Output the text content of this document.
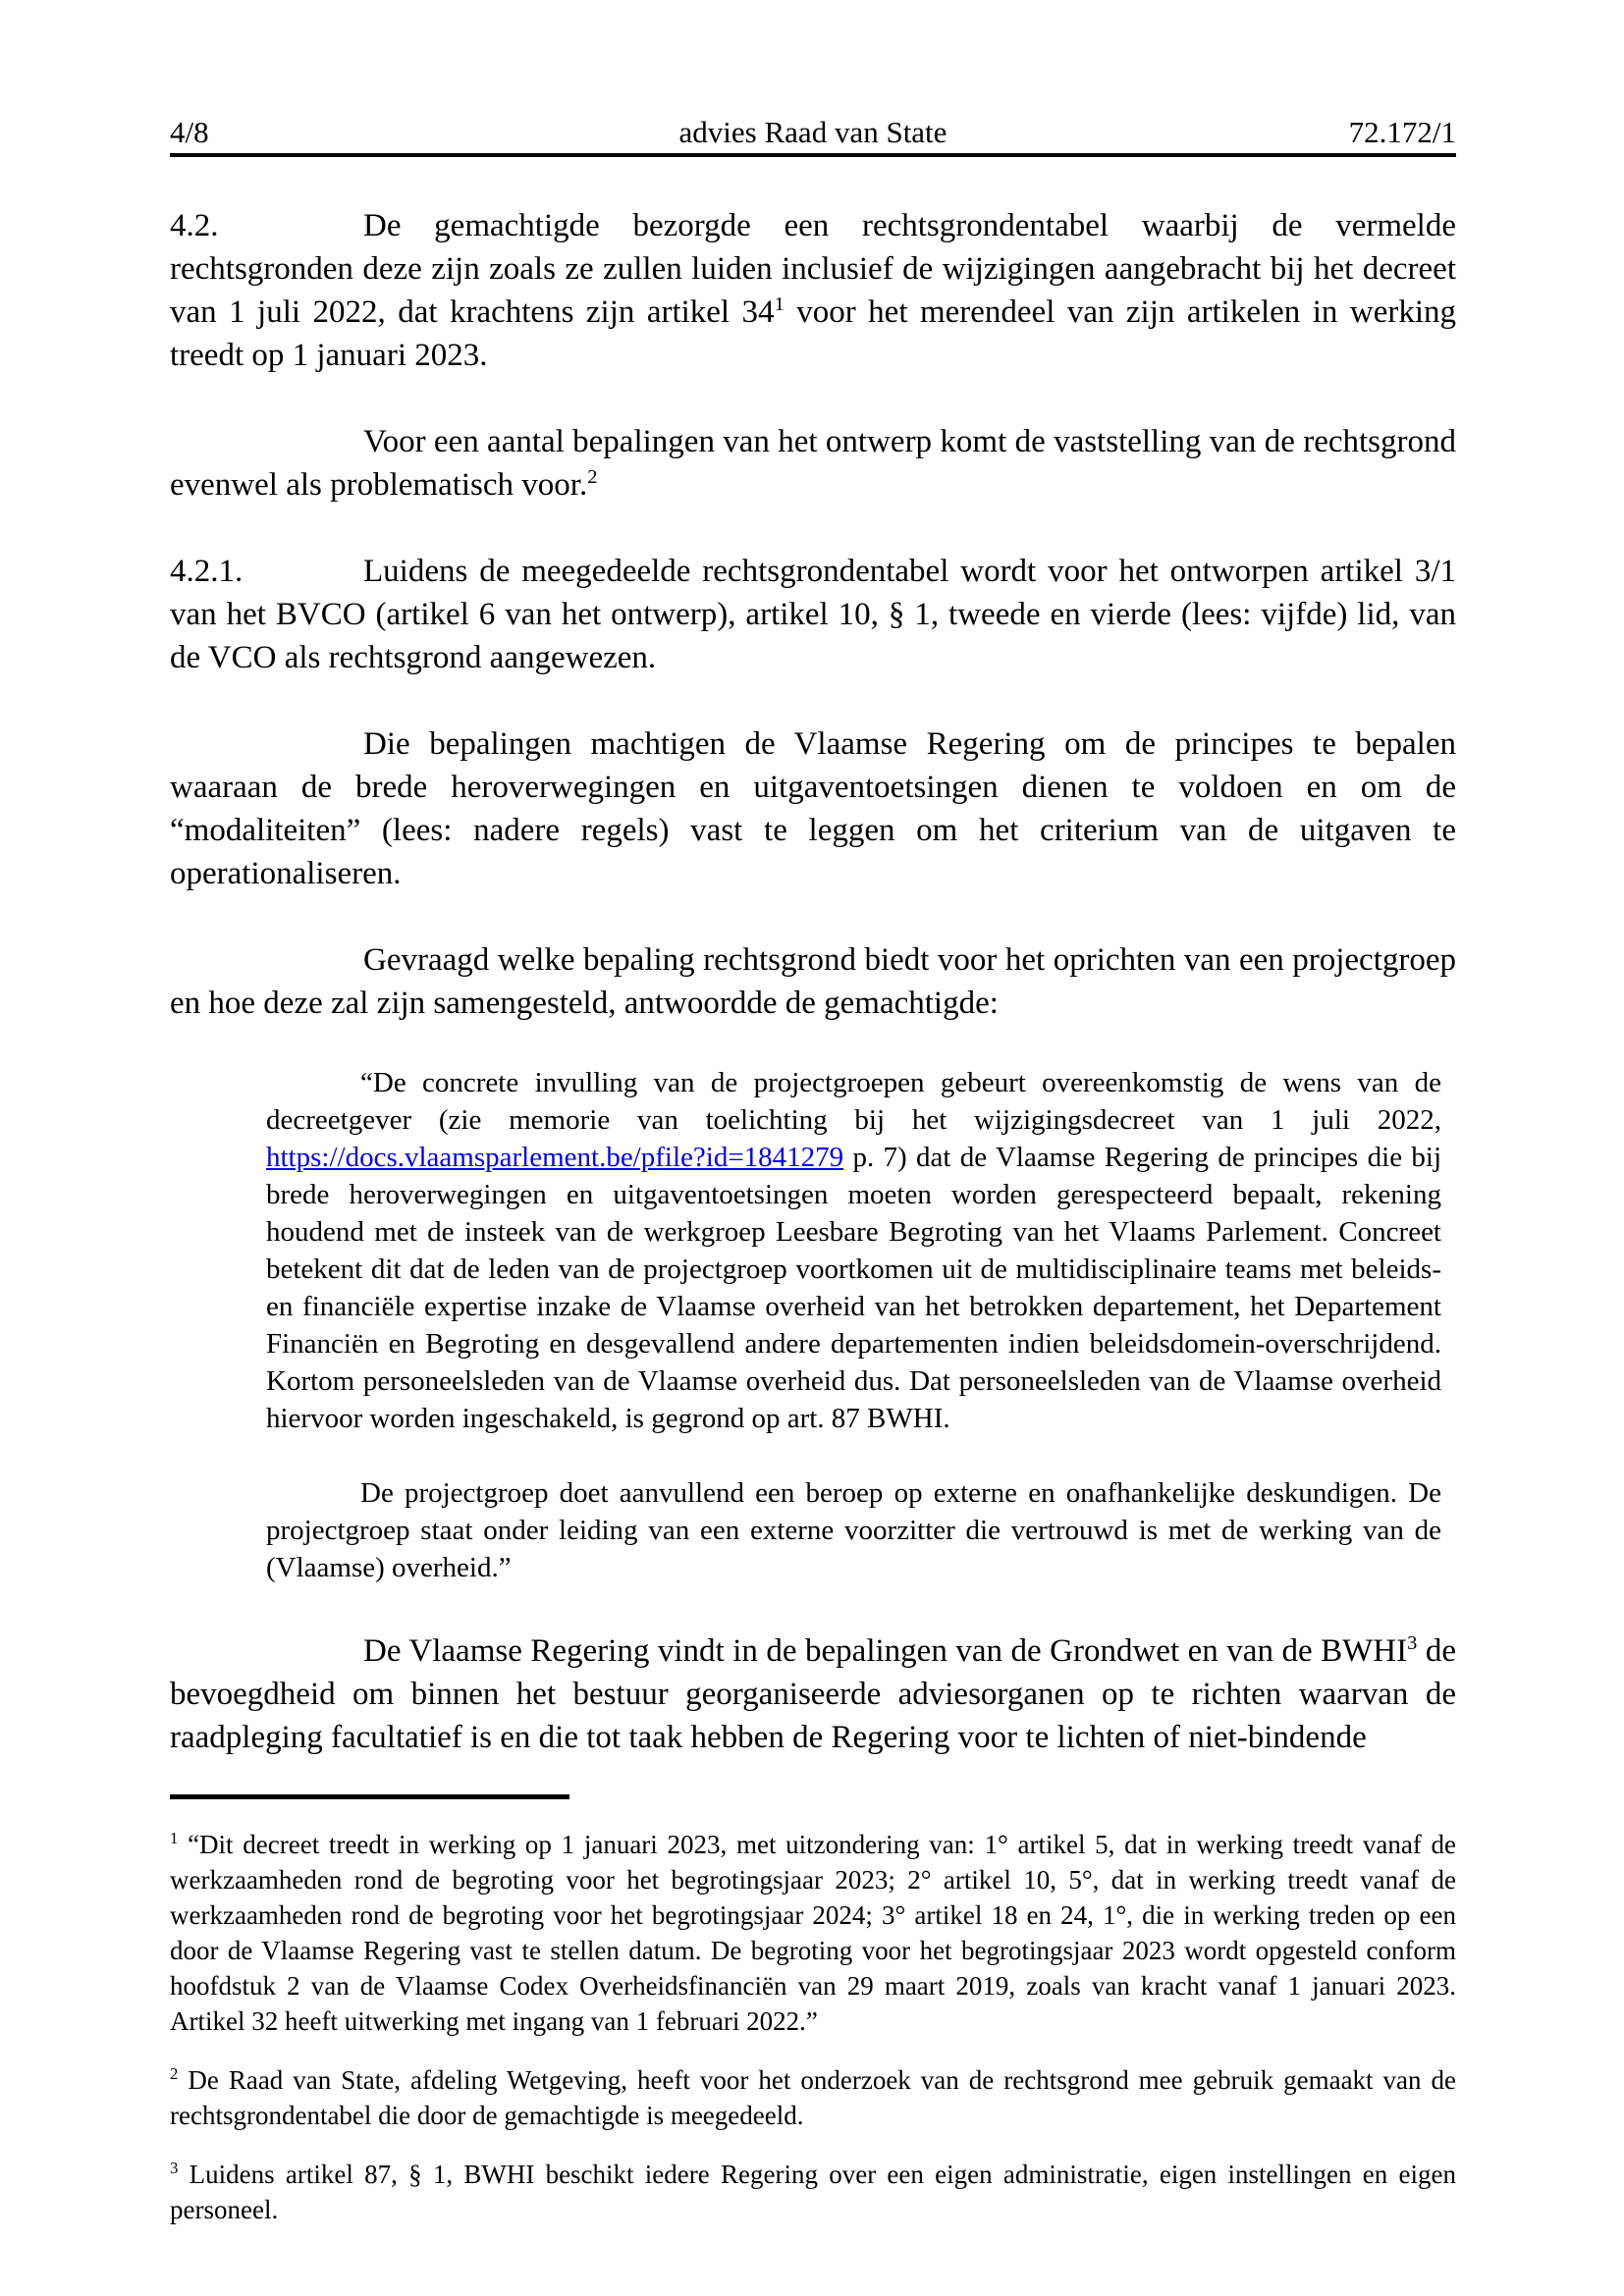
4/8	advies Raad van State	72.172/1

4.2.	De gemachtigde bezorgde een rechtsgrondentabel waarbij de vermelde rechtsgronden deze zijn zoals ze zullen luiden inclusief de wijzigingen aangebracht bij het decreet van 1 juli 2022, dat krachtens zijn artikel 34$^1$ voor het merendeel van zijn artikelen in werking treedt op 1 januari 2023.

Voor een aantal bepalingen van het ontwerp komt de vaststelling van de rechtsgrond evenwel als problematisch voor.$^2$

4.2.1.	Luidens de meegedeelde rechtsgrondentabel wordt voor het ontworpen artikel 3/1 van het BVCO (artikel 6 van het ontwerp), artikel 10, § 1, tweede en vierde (lees: vijfde) lid, van de VCO als rechtsgrond aangewezen.

Die bepalingen machtigen de Vlaamse Regering om de principes te bepalen waaraan de brede heroverwegingen en uitgaventoetsingen dienen te voldoen en om de “modaliteiten” (lees: nadere regels) vast te leggen om het criterium van de uitgaven te operationaliseren.

Gevraagd welke bepaling rechtsgrond biedt voor het oprichten van een projectgroep en hoe deze zal zijn samengesteld, antwoordde de gemachtigde:

“De concrete invulling van de projectgroepen gebeurt overeenkomstig de wens van de decreetgever (zie memorie van toelichting bij het wijzigingsdecreet van 1 juli 2022, https://docs.vlaamsparlement.be/pfile?id=1841279 p. 7) dat de Vlaamse Regering de principes die bij brede heroverwegingen en uitgaventoetsingen moeten worden gerespecteerd bepaalt, rekening houdend met de insteek van de werkgroep Leesbare Begroting van het Vlaams Parlement. Concreet betekent dit dat de leden van de projectgroep voortkomen uit de multidisciplinaire teams met beleids- en financiële expertise inzake de Vlaamse overheid van het betrokken departement, het Departement Financiën en Begroting en desgevallend andere departementen indien beleidsdomein-overschrijdend. Kortom personeelsleden van de Vlaamse overheid dus. Dat personeelsleden van de Vlaamse overheid hiervoor worden ingeschakeld, is gegrond op art. 87 BWHI.

De projectgroep doet aanvullend een beroep op externe en onafhankelijke deskundigen. De projectgroep staat onder leiding van een externe voorzitter die vertrouwd is met de werking van de (Vlaamse) overheid.”

De Vlaamse Regering vindt in de bepalingen van de Grondwet en van de BWHI$^3$ de bevoegdheid om binnen het bestuur georganiseerde adviesorganen op te richten waarvan de raadpleging facultatief is en die tot taak hebben de Regering voor te lichten of niet-bindende

$^1$ “Dit decreet treedt in werking op 1 januari 2023, met uitzondering van: 1° artikel 5, dat in werking treedt vanaf de werkzaamheden rond de begroting voor het begrotingsjaar 2023; 2° artikel 10, 5°, dat in werking treedt vanaf de werkzaamheden rond de begroting voor het begrotingsjaar 2024; 3° artikel 18 en 24, 1°, die in werking treden op een door de Vlaamse Regering vast te stellen datum. De begroting voor het begrotingsjaar 2023 wordt opgesteld conform hoofdstuk 2 van de Vlaamse Codex Overheidsfinanciën van 29 maart 2019, zoals van kracht vanaf 1 januari 2023. Artikel 32 heeft uitwerking met ingang van 1 februari 2022.”

$^2$ De Raad van State, afdeling Wetgeving, heeft voor het onderzoek van de rechtsgrond mee gebruik gemaakt van de rechtsgrondentabel die door de gemachtigde is meegedeeld.

$^3$ Luidens artikel 87, § 1, BWHI beschikt iedere Regering over een eigen administratie, eigen instellingen en eigen personeel.
